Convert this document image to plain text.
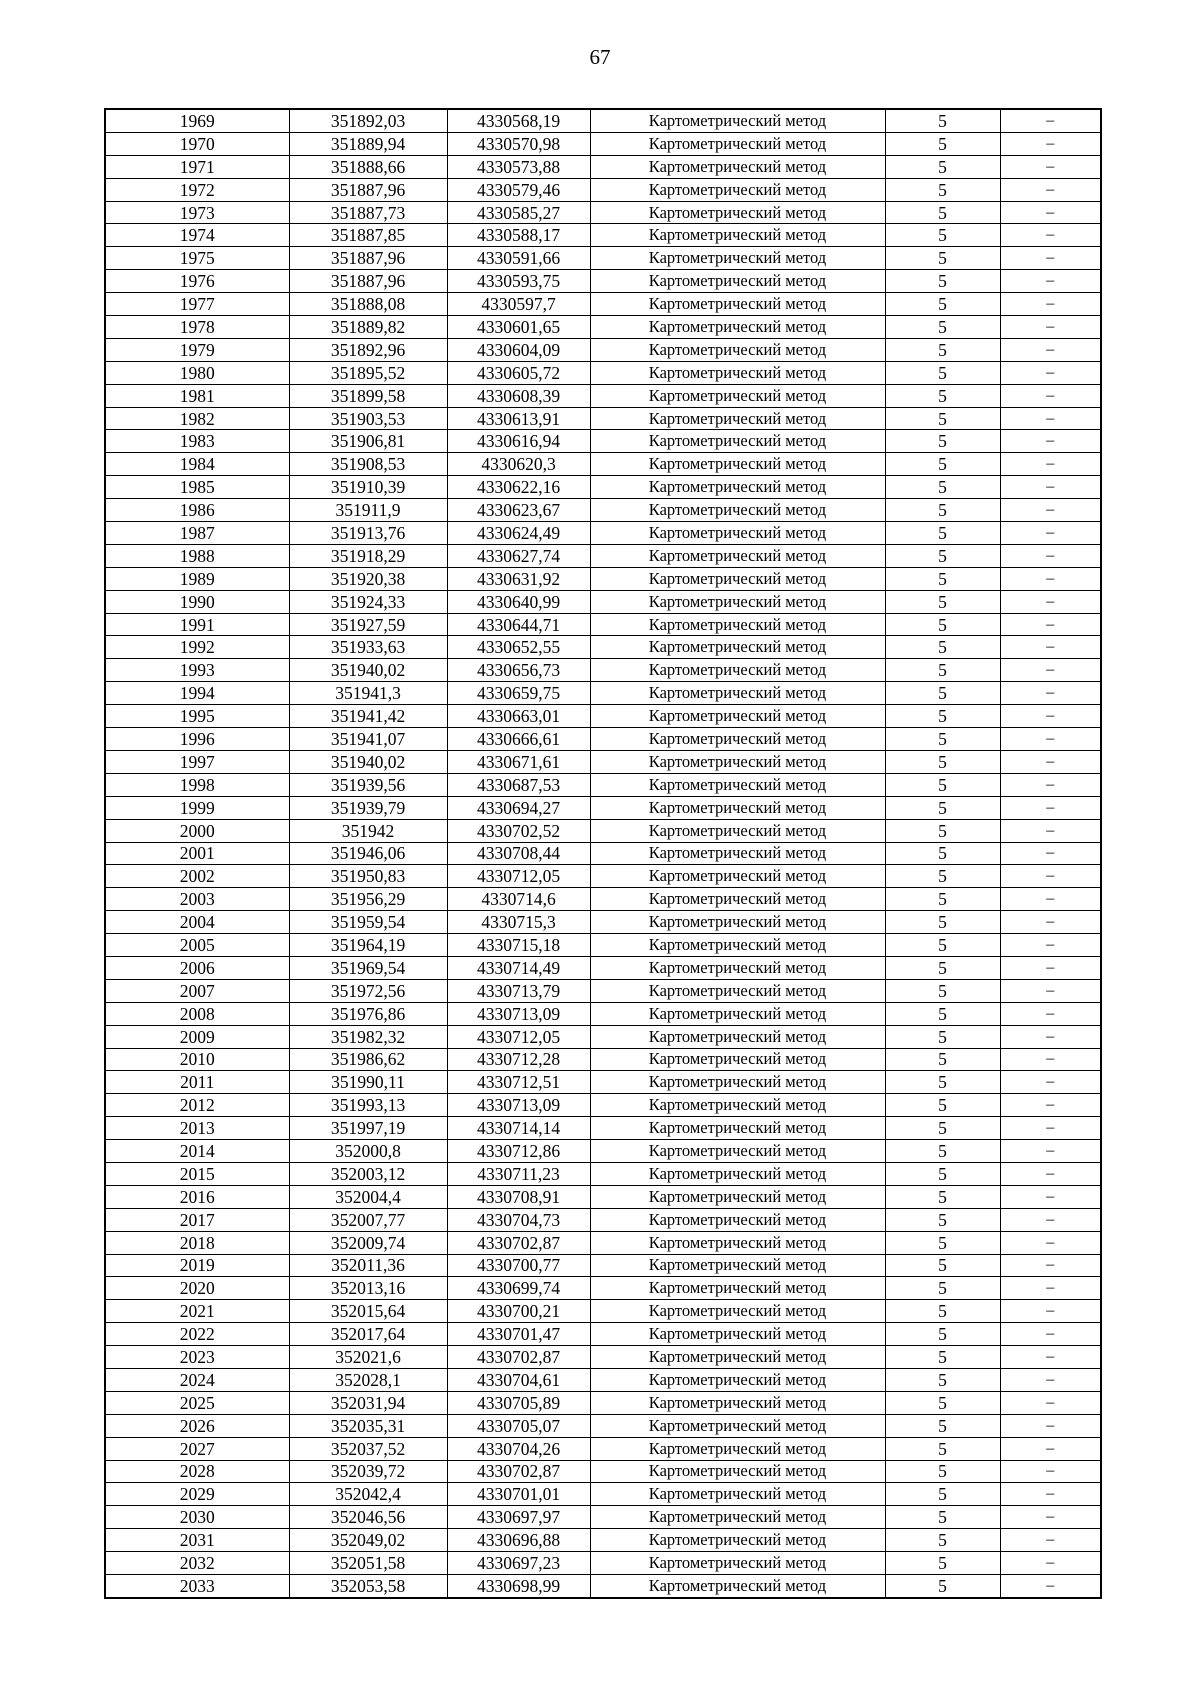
67
1969	351892,03	4330568,19	Картометрический метод	5	–
1970	351889,94	4330570,98	Картометрический метод	5	–
1971	351888,66	4330573,88	Картометрический метод	5	–
1972	351887,96	4330579,46	Картометрический метод	5	–
1973	351887,73	4330585,27	Картометрический метод	5	–
1974	351887,85	4330588,17	Картометрический метод	5	–
1975	351887,96	4330591,66	Картометрический метод	5	–
1976	351887,96	4330593,75	Картометрический метод	5	–
1977	351888,08	4330597,7	Картометрический метод	5	–
1978	351889,82	4330601,65	Картометрический метод	5	–
1979	351892,96	4330604,09	Картометрический метод	5	–
1980	351895,52	4330605,72	Картометрический метод	5	–
1981	351899,58	4330608,39	Картометрический метод	5	–
1982	351903,53	4330613,91	Картометрический метод	5	–
1983	351906,81	4330616,94	Картометрический метод	5	–
1984	351908,53	4330620,3	Картометрический метод	5	–
1985	351910,39	4330622,16	Картометрический метод	5	–
1986	351911,9	4330623,67	Картометрический метод	5	–
1987	351913,76	4330624,49	Картометрический метод	5	–
1988	351918,29	4330627,74	Картометрический метод	5	–
1989	351920,38	4330631,92	Картометрический метод	5	–
1990	351924,33	4330640,99	Картометрический метод	5	–
1991	351927,59	4330644,71	Картометрический метод	5	–
1992	351933,63	4330652,55	Картометрический метод	5	–
1993	351940,02	4330656,73	Картометрический метод	5	–
1994	351941,3	4330659,75	Картометрический метод	5	–
1995	351941,42	4330663,01	Картометрический метод	5	–
1996	351941,07	4330666,61	Картометрический метод	5	–
1997	351940,02	4330671,61	Картометрический метод	5	–
1998	351939,56	4330687,53	Картометрический метод	5	–
1999	351939,79	4330694,27	Картометрический метод	5	–
2000	351942	4330702,52	Картометрический метод	5	–
2001	351946,06	4330708,44	Картометрический метод	5	–
2002	351950,83	4330712,05	Картометрический метод	5	–
2003	351956,29	4330714,6	Картометрический метод	5	–
2004	351959,54	4330715,3	Картометрический метод	5	–
2005	351964,19	4330715,18	Картометрический метод	5	–
2006	351969,54	4330714,49	Картометрический метод	5	–
2007	351972,56	4330713,79	Картометрический метод	5	–
2008	351976,86	4330713,09	Картометрический метод	5	–
2009	351982,32	4330712,05	Картометрический метод	5	–
2010	351986,62	4330712,28	Картометрический метод	5	–
2011	351990,11	4330712,51	Картометрический метод	5	–
2012	351993,13	4330713,09	Картометрический метод	5	–
2013	351997,19	4330714,14	Картометрический метод	5	–
2014	352000,8	4330712,86	Картометрический метод	5	–
2015	352003,12	4330711,23	Картометрический метод	5	–
2016	352004,4	4330708,91	Картометрический метод	5	–
2017	352007,77	4330704,73	Картометрический метод	5	–
2018	352009,74	4330702,87	Картометрический метод	5	–
2019	352011,36	4330700,77	Картометрический метод	5	–
2020	352013,16	4330699,74	Картометрический метод	5	–
2021	352015,64	4330700,21	Картометрический метод	5	–
2022	352017,64	4330701,47	Картометрический метод	5	–
2023	352021,6	4330702,87	Картометрический метод	5	–
2024	352028,1	4330704,61	Картометрический метод	5	–
2025	352031,94	4330705,89	Картометрический метод	5	–
2026	352035,31	4330705,07	Картометрический метод	5	–
2027	352037,52	4330704,26	Картометрический метод	5	–
2028	352039,72	4330702,87	Картометрический метод	5	–
2029	352042,4	4330701,01	Картометрический метод	5	–
2030	352046,56	4330697,97	Картометрический метод	5	–
2031	352049,02	4330696,88	Картометрический метод	5	–
2032	352051,58	4330697,23	Картометрический метод	5	–
2033	352053,58	4330698,99	Картометрический метод	5	–
